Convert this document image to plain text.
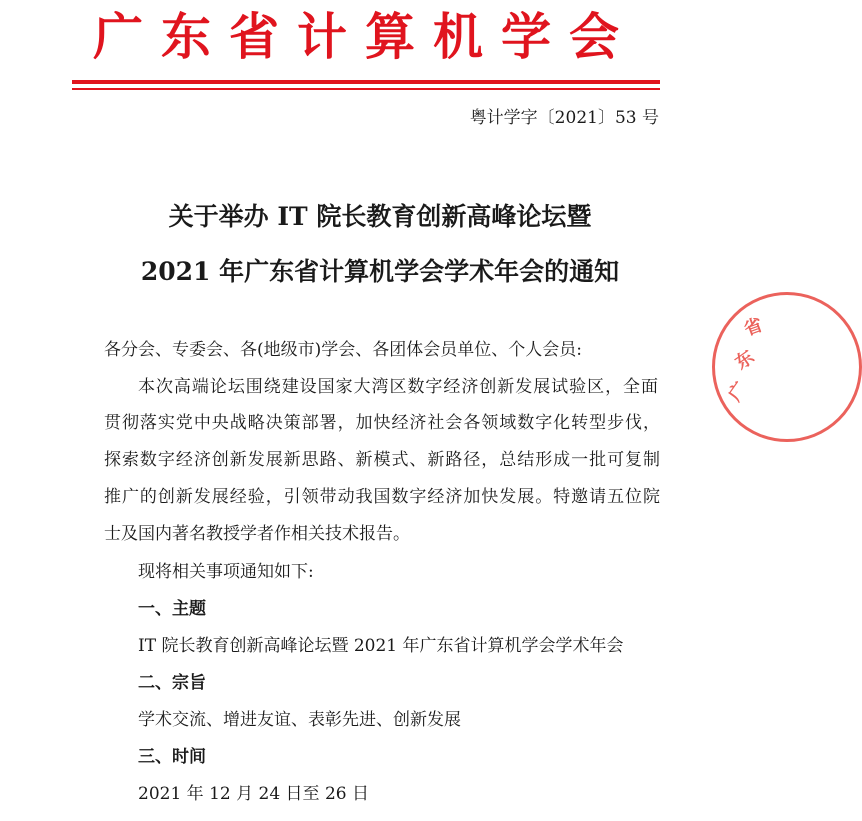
广东省计算机学会
粤计学字〔2021〕53 号
关于举办 IT 院长教育创新高峰论坛暨
2021 年广东省计算机学会学术年会的通知
各分会、专委会、各(地级市)学会、各团体会员单位、个人会员:
本次高端论坛围绕建设国家大湾区数字经济创新发展试验区，全面
贯彻落实党中央战略决策部署，加快经济社会各领域数字化转型步伐，
探索数字经济创新发展新思路、新模式、新路径，总结形成一批可复制
推广的创新发展经验，引领带动我国数字经济加快发展。特邀请五位院
士及国内著名教授学者作相关技术报告。
现将相关事项通知如下:
一、主题
IT 院长教育创新高峰论坛暨 2021 年广东省计算机学会学术年会
二、宗旨
学术交流、增进友谊、表彰先进、创新发展
三、时间
2021 年 12 月 24 日至 26 日
广
东
省
